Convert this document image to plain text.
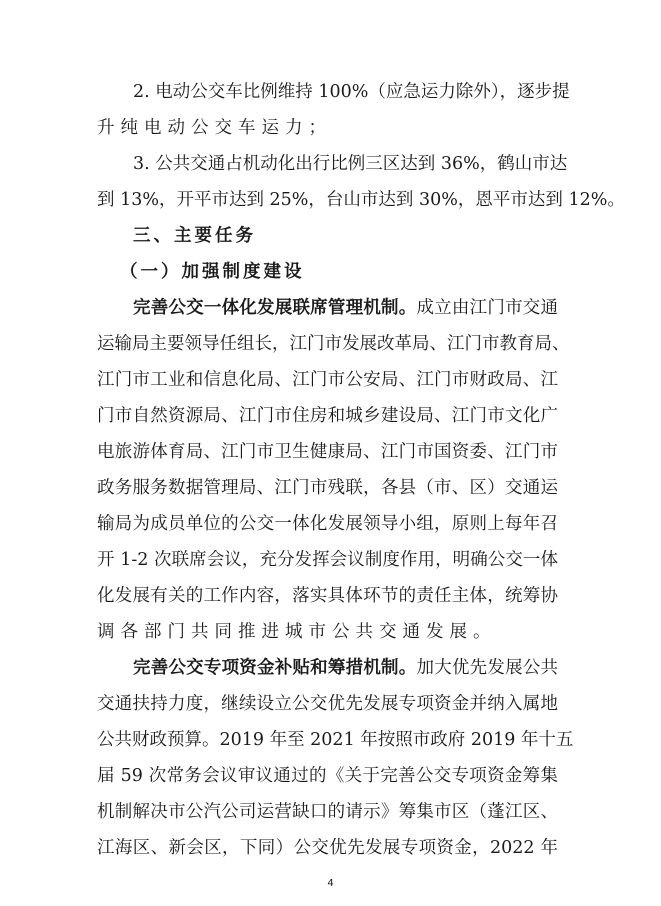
2. 电动公交车比例维持 100%（应急运力除外），逐步提
升纯电动公交车运力；
3. 公共交通占机动化出行比例三区达到 36%，鹤山市达
到 13%，开平市达到 25%，台山市达到 30%，恩平市达到 12%。
三、主要任务
（一）加强制度建设
完善公交一体化发展联席管理机制。成立由江门市交通
运输局主要领导任组长，江门市发展改革局、江门市教育局、
江门市工业和信息化局、江门市公安局、江门市财政局、江
门市自然资源局、江门市住房和城乡建设局、江门市文化广
电旅游体育局、江门市卫生健康局、江门市国资委、江门市
政务服务数据管理局、江门市残联，各县（市、区）交通运
输局为成员单位的公交一体化发展领导小组，原则上每年召
开 1-2 次联席会议，充分发挥会议制度作用，明确公交一体
化发展有关的工作内容，落实具体环节的责任主体，统筹协
调各部门共同推进城市公共交通发展。
完善公交专项资金补贴和筹措机制。加大优先发展公共
交通扶持力度，继续设立公交优先发展专项资金并纳入属地
公共财政预算。2019 年至 2021 年按照市政府 2019 年十五
届 59 次常务会议审议通过的《关于完善公交专项资金筹集
机制解决市公汽公司运营缺口的请示》筹集市区（蓬江区、
江海区、新会区，下同）公交优先发展专项资金，2022 年
4
